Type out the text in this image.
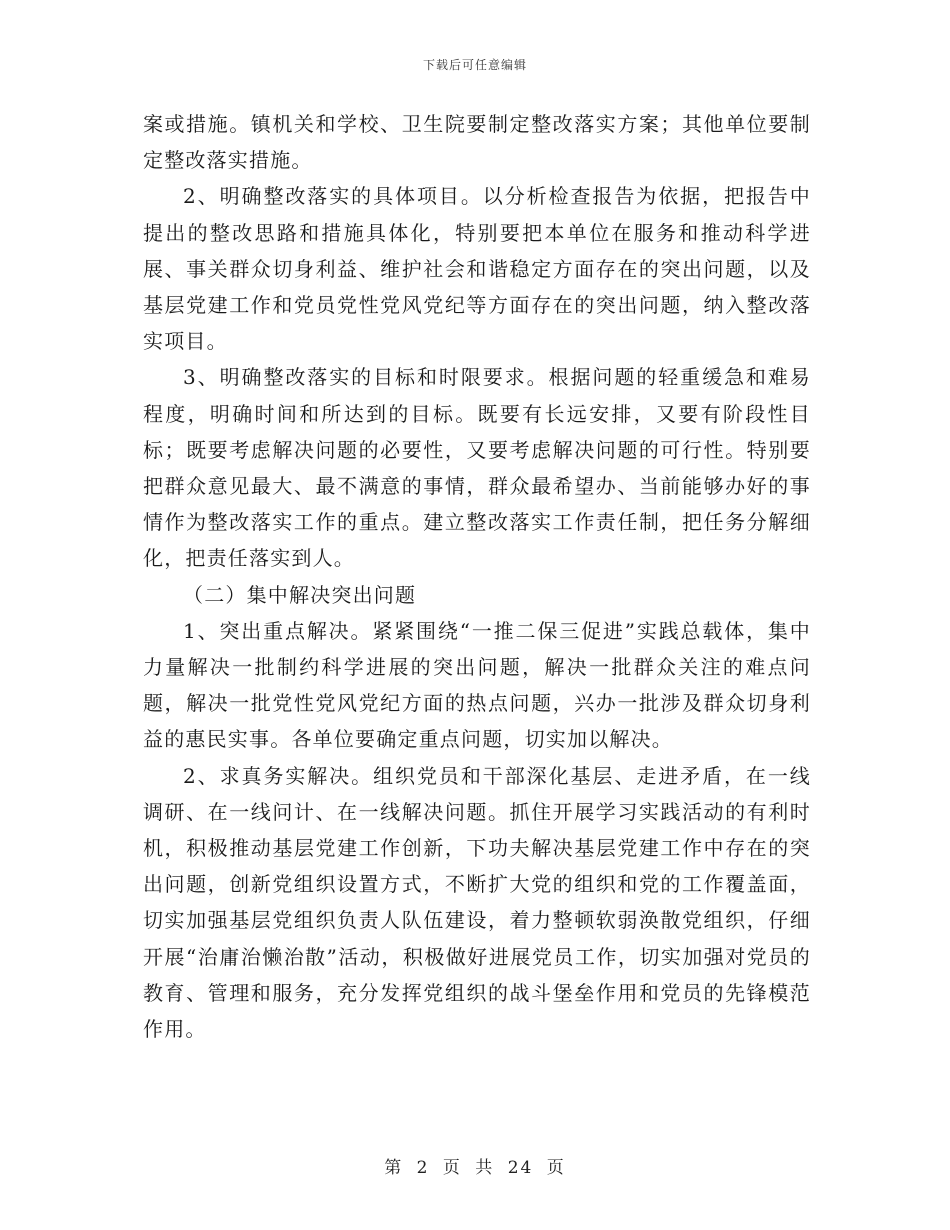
下载后可任意编辑

案或措施。镇机关和学校、卫生院要制定整改落实方案；其他单位要制定整改落实措施。

2、明确整改落实的具体项目。以分析检查报告为依据，把报告中提出的整改思路和措施具体化，特别要把本单位在服务和推动科学进展、事关群众切身利益、维护社会和谐稳定方面存在的突出问题，以及基层党建工作和党员党性党风党纪等方面存在的突出问题，纳入整改落实项目。

3、明确整改落实的目标和时限要求。根据问题的轻重缓急和难易程度，明确时间和所达到的目标。既要有长远安排，又要有阶段性目标；既要考虑解决问题的必要性，又要考虑解决问题的可行性。特别要把群众意见最大、最不满意的事情，群众最希望办、当前能够办好的事情作为整改落实工作的重点。建立整改落实工作责任制，把任务分解细化，把责任落实到人。

（二）集中解决突出问题

1、突出重点解决。紧紧围绕“一推二保三促进”实践总载体，集中力量解决一批制约科学进展的突出问题，解决一批群众关注的难点问题，解决一批党性党风党纪方面的热点问题，兴办一批涉及群众切身利益的惠民实事。各单位要确定重点问题，切实加以解决。

2、求真务实解决。组织党员和干部深化基层、走进矛盾，在一线调研、在一线问计、在一线解决问题。抓住开展学习实践活动的有利时机，积极推动基层党建工作创新，下功夫解决基层党建工作中存在的突出问题，创新党组织设置方式，不断扩大党的组织和党的工作覆盖面，切实加强基层党组织负责人队伍建设，着力整顿软弱涣散党组织，仔细开展“治庸治懒治散”活动，积极做好进展党员工作，切实加强对党员的教育、管理和服务，充分发挥党组织的战斗堡垒作用和党员的先锋模范作用。

第 2 页 共 24 页
